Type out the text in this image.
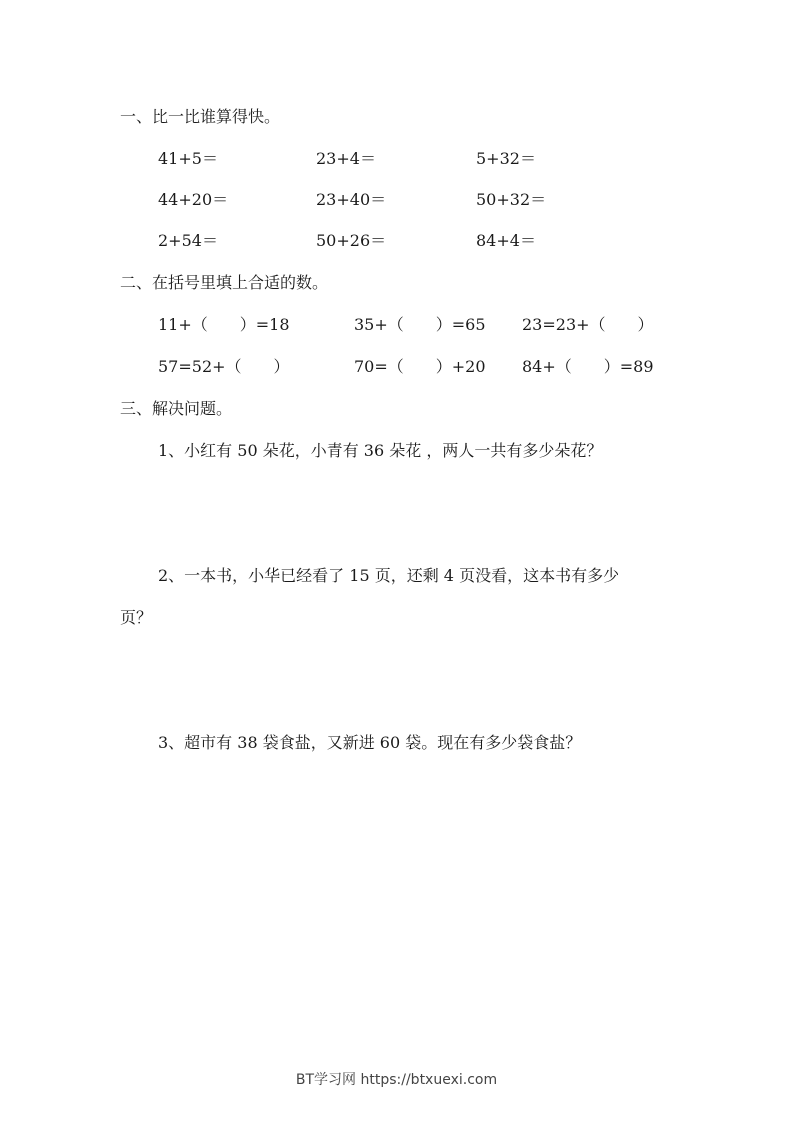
一、比一比谁算得快。
41+5＝	23+4＝	5+32＝
44+20＝	23+40＝	50+32＝
2+54＝	50+26＝	84+4＝
二、在括号里填上合适的数。
11+（　　）=18	35+（　　）=65 23=23+（　　）
57=52+（　　）	70=（　　）+20 84+（　　）=89
三、解决问题。
1、小红有 50 朵花，小青有 36 朵花 ，两人一共有多少朵花？
2、一本书，小华已经看了 15 页，还剩 4 页没看，这本书有多少
页？
3、超市有 38 袋食盐，又新进 60 袋。现在有多少袋食盐？
BT学习网 https://btxuexi.com
